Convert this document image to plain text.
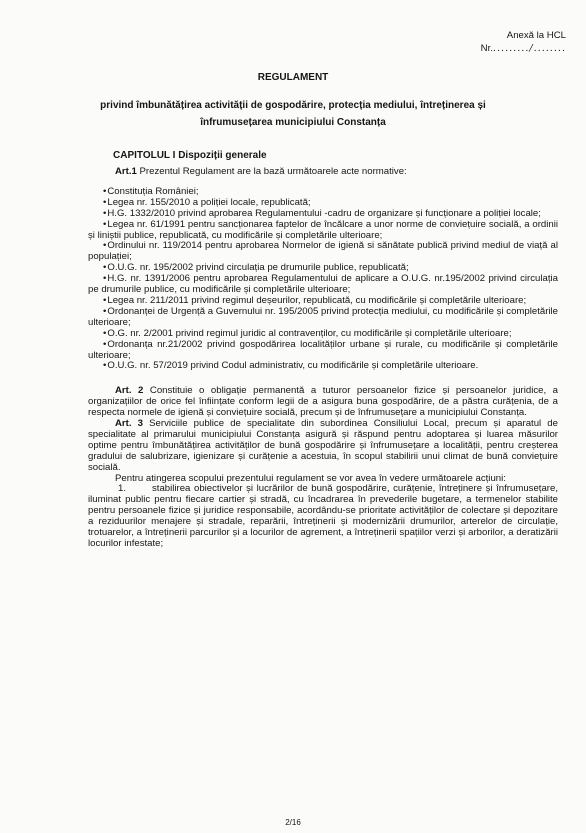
Anexă la HCL
Nr........../........
REGULAMENT
privind îmbunătățirea activității de gospodărire, protecția mediului, întreținerea și
înfrumusețarea municipiului Constanța
CAPITOLUL I Dispoziții generale

Art.1 Prezentul Regulament are la bază următoarele acte normative:

• Constituția României;
• Legea nr. 155/2010 a poliției locale, republicată;
• H.G. 1332/2010 privind aprobarea Regulamentului -cadru de organizare și funcționare a poliției locale;
• Legea nr. 61/1991 pentru sancționarea faptelor de încălcare a unor norme de conviețuire socială, a ordinii și liniștii publice, republicată, cu modificările și completările ulterioare;
• Ordinului nr. 119/2014 pentru aprobarea Normelor de igienă si sănătate publică privind mediul de viață al populației;
• O.U.G. nr. 195/2002 privind circulația pe drumurile publice, republicată;
• H.G. nr. 1391/2006 pentru aprobarea Regulamentului de aplicare a O.U.G. nr.195/2002 privind circulația pe drumurile publice, cu modificările și completările ulterioare;
• Legea nr. 211/2011 privind regimul deșeurilor, republicată, cu modificările și completările ulterioare;
• Ordonanței de Urgență a Guvernului nr. 195/2005 privind protecția mediului, cu modificările și completările ulterioare;
• O.G. nr. 2/2001 privind regimul juridic al contravenților, cu modificările și completările ulterioare;
• Ordonanța nr.21/2002 privind gospodărirea localităților urbane și rurale, cu modificările și completările ulterioare;
• O.U.G. nr. 57/2019 privind Codul administrativ, cu modificările și completările ulterioare.

Art. 2 Constituie o obligație permanentă a tuturor persoanelor fizice și persoanelor juridice, a organizațiilor de orice fel înființate conform legii de a asigura buna gospodărire, de a păstra curățenia, de a respecta normele de igienă și conviețuire socială, precum și de înfrumusețare a municipiului Constanța.

Art. 3 Serviciile publice de specialitate din subordinea Consiliului Local, precum și aparatul de specialitate al primarului municipiului Constanța asigură și răspund pentru adoptarea și luarea măsurilor optime pentru îmbunătățirea activităților de bună gospodărire și înfrumusețare a localității, pentru creșterea gradului de salubrizare, igienizare și curățenie a acestuia, în scopul stabilirii unui climat de bună conviețuire socială.

Pentru atingerea scopului prezentului regulament se vor avea în vedere următoarele acțiuni:

1.	stabilirea obiectivelor și lucrărilor de bună gospodărire, curățenie, întreținere și înfrumusețare, iluminat public pentru fiecare cartier și stradă, cu încadrarea în prevederile bugetare, a termenelor stabilite pentru persoanele fizice și juridice responsabile, acordându-se prioritate activităților de colectare și depozitare a reziduurilor menajere și stradale, reparării, întreținerii și modernizării drumurilor, arterelor de circulație, trotuarelor, a întreținerii parcurilor și a locurilor de agrement, a întreținerii spațiilor verzi și arborilor, a deratizării locurilor infestate;

2/16
